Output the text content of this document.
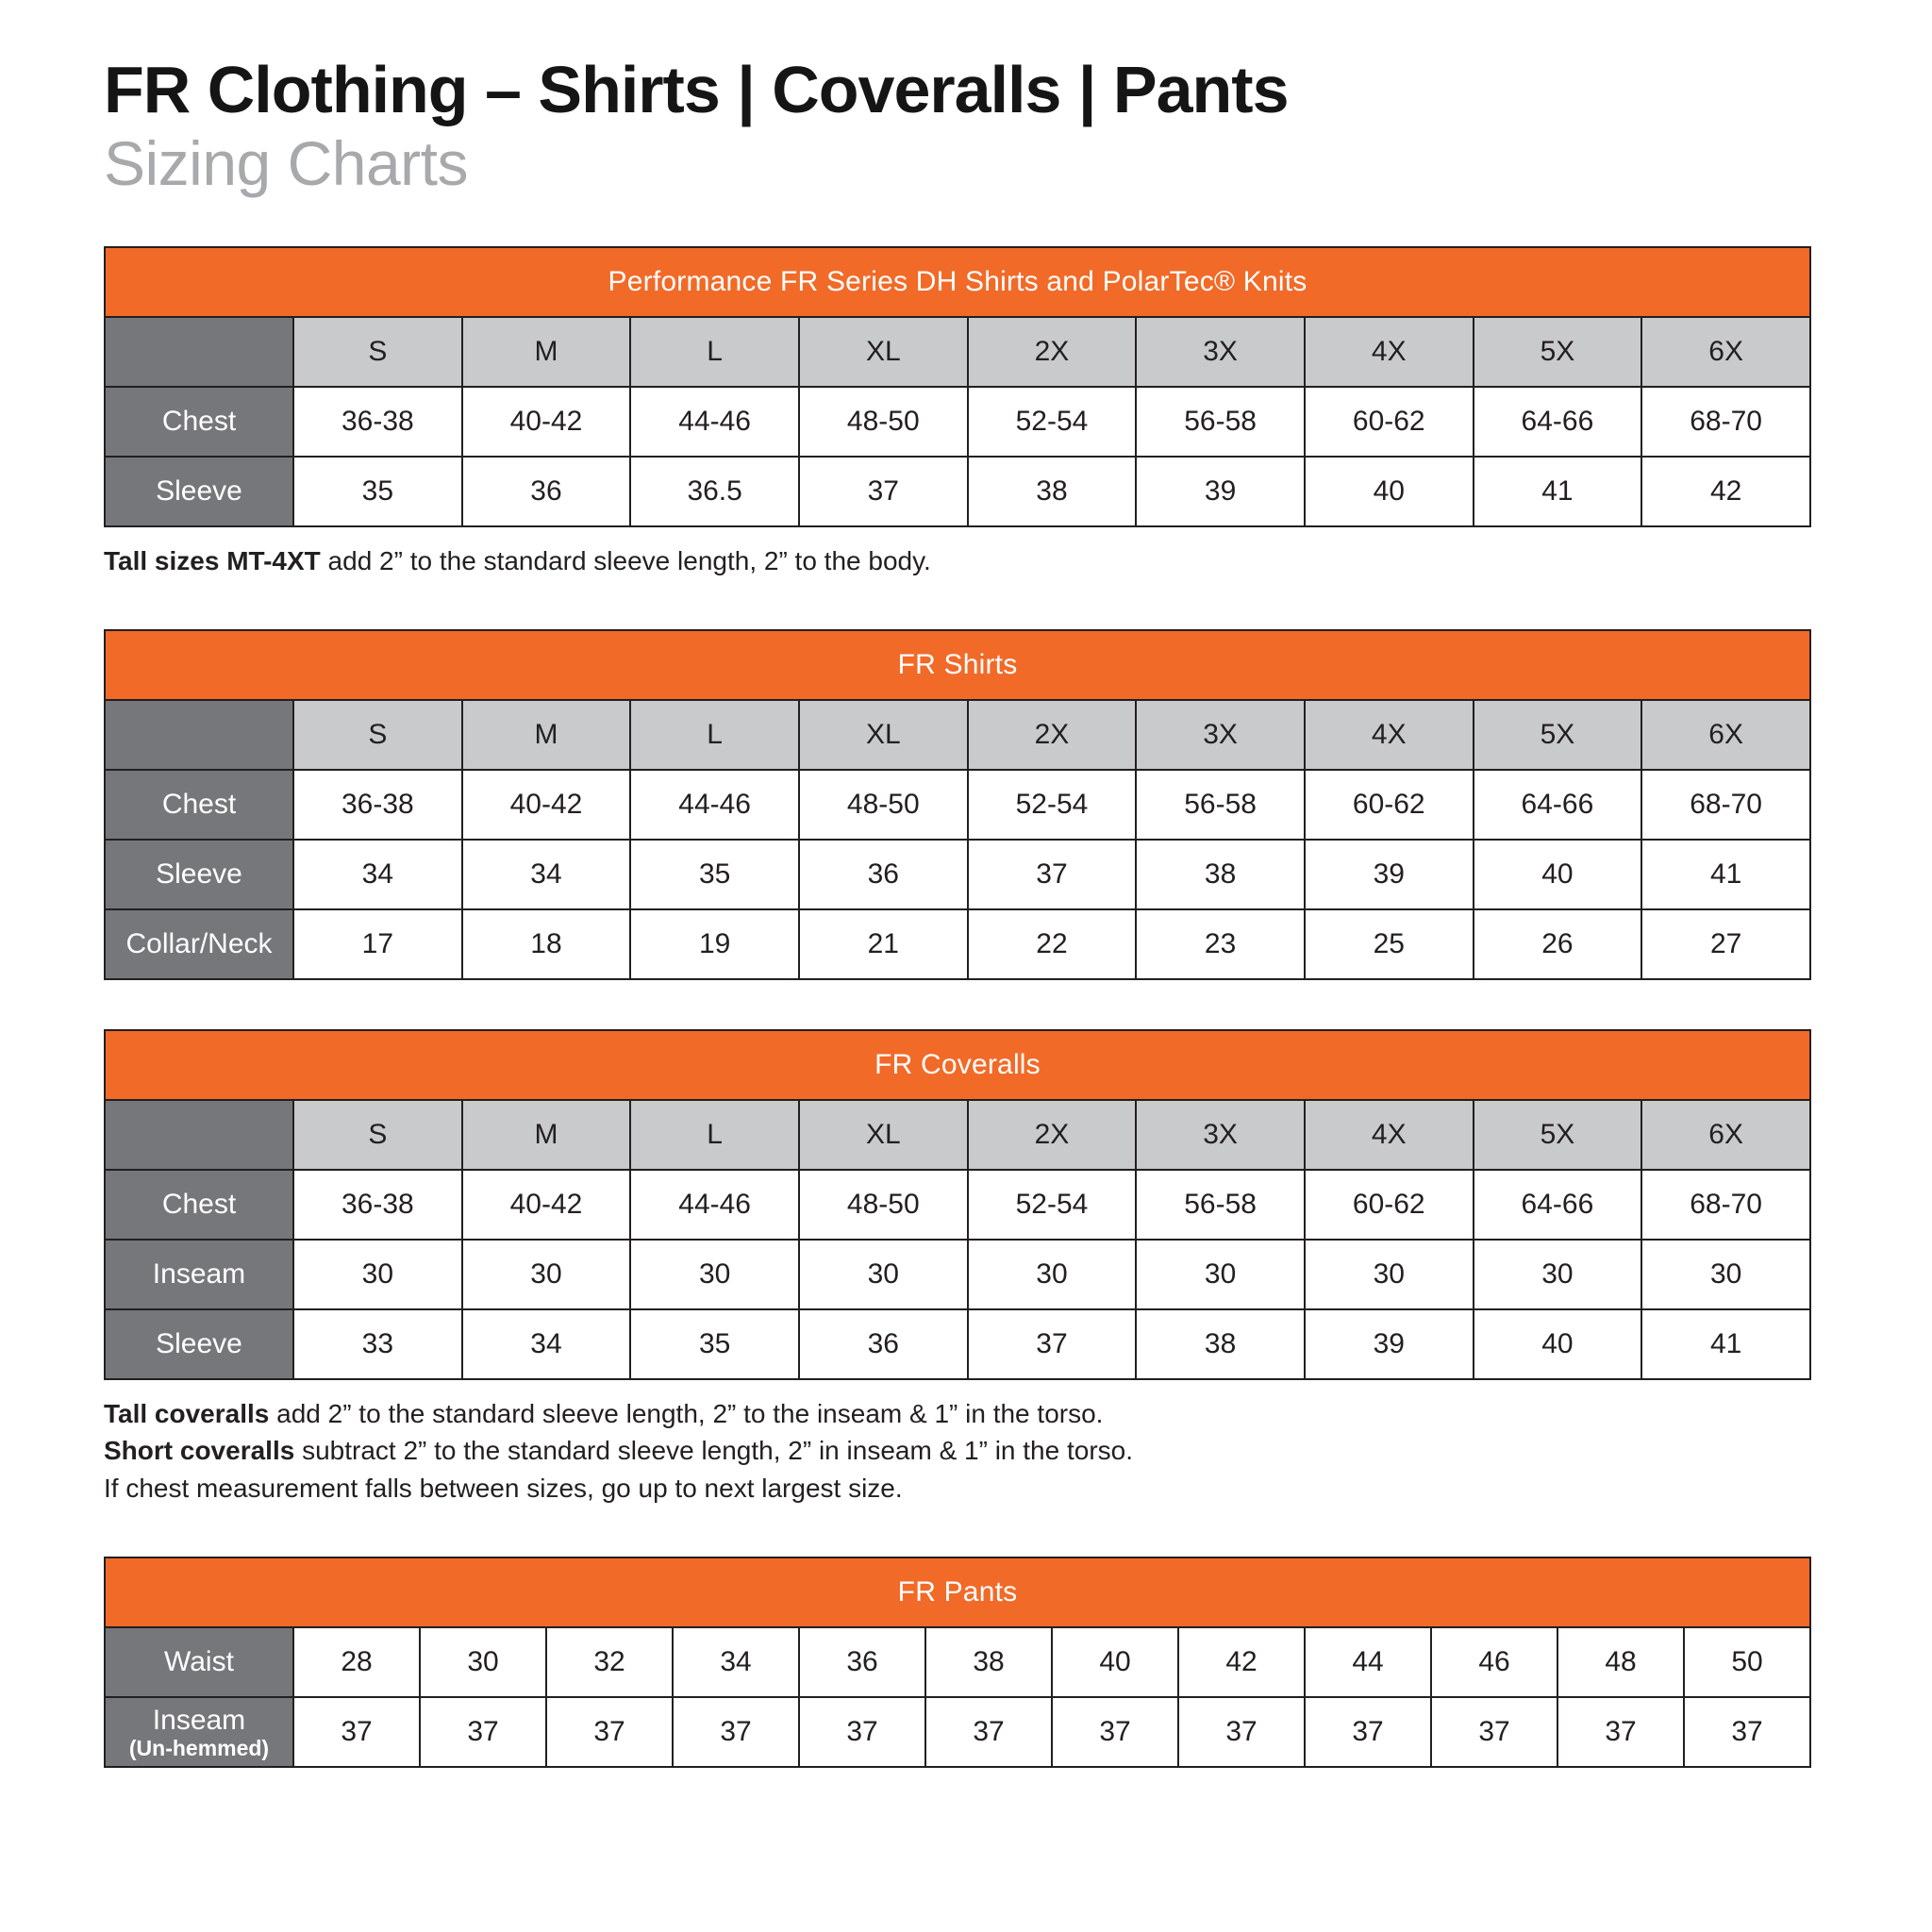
FR Clothing – Shirts | Coveralls | Pants
Sizing Charts
Performance FR Series DH Shirts and PolarTec® Knits									
	S	M	L	XL	2X	3X	4X	5X	6X
Chest	36-38	40-42	44-46	48-50	52-54	56-58	60-62	64-66	68-70
Sleeve	35	36	36.5	37	38	39	40	41	42
Tall sizes MT-4XT add 2” to the standard sleeve length, 2” to the body.
FR Shirts									
	S	M	L	XL	2X	3X	4X	5X	6X
Chest	36-38	40-42	44-46	48-50	52-54	56-58	60-62	64-66	68-70
Sleeve	34	34	35	36	37	38	39	40	41
Collar/Neck	17	18	19	21	22	23	25	26	27
FR Coveralls									
	S	M	L	XL	2X	3X	4X	5X	6X
Chest	36-38	40-42	44-46	48-50	52-54	56-58	60-62	64-66	68-70
Inseam	30	30	30	30	30	30	30	30	30
Sleeve	33	34	35	36	37	38	39	40	41
Tall coveralls add 2” to the standard sleeve length, 2” to the inseam & 1” in the torso.
Short coveralls subtract 2” to the standard sleeve length, 2” in inseam & 1” in the torso.
If chest measurement falls between sizes, go up to next largest size.
FR Pants												
Waist	28	30	32	34	36	38	40	42	44	46	48	50
Inseam
(Un-hemmed)	37	37	37	37	37	37	37	37	37	37	37	37
